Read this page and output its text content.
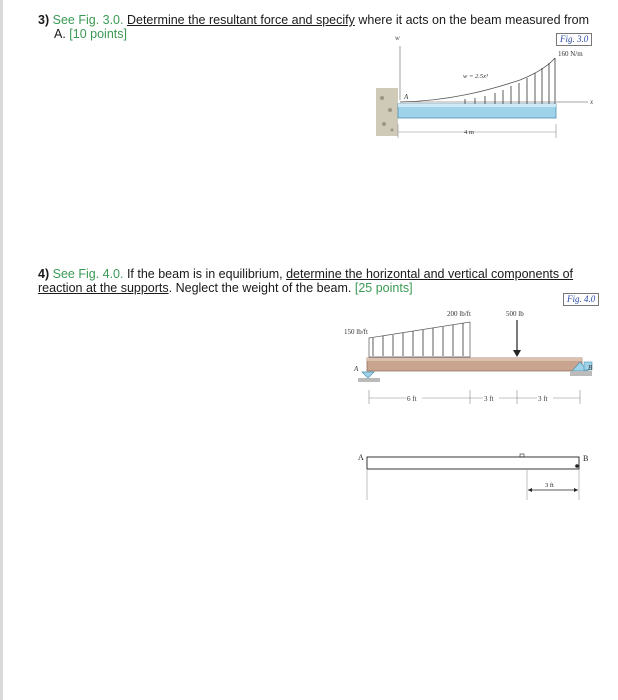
3) See Fig. 3.0. Determine the resultant force and specify where it acts on the beam measured from
A. [10 points]	Fig. 3.0
w
x
A
160 N/m
w = 2.5x³
4 m
4) See Fig. 4.0. If the beam is in equilibrium, determine the horizontal and vertical components of
reaction at the supports. Neglect the weight of the beam. [25 points]
Fig. 4.0
200 lb/ft	500 lb
150 lb/ft
A	B
6 ft	3 ft	3 ft
A	B
3 ft
